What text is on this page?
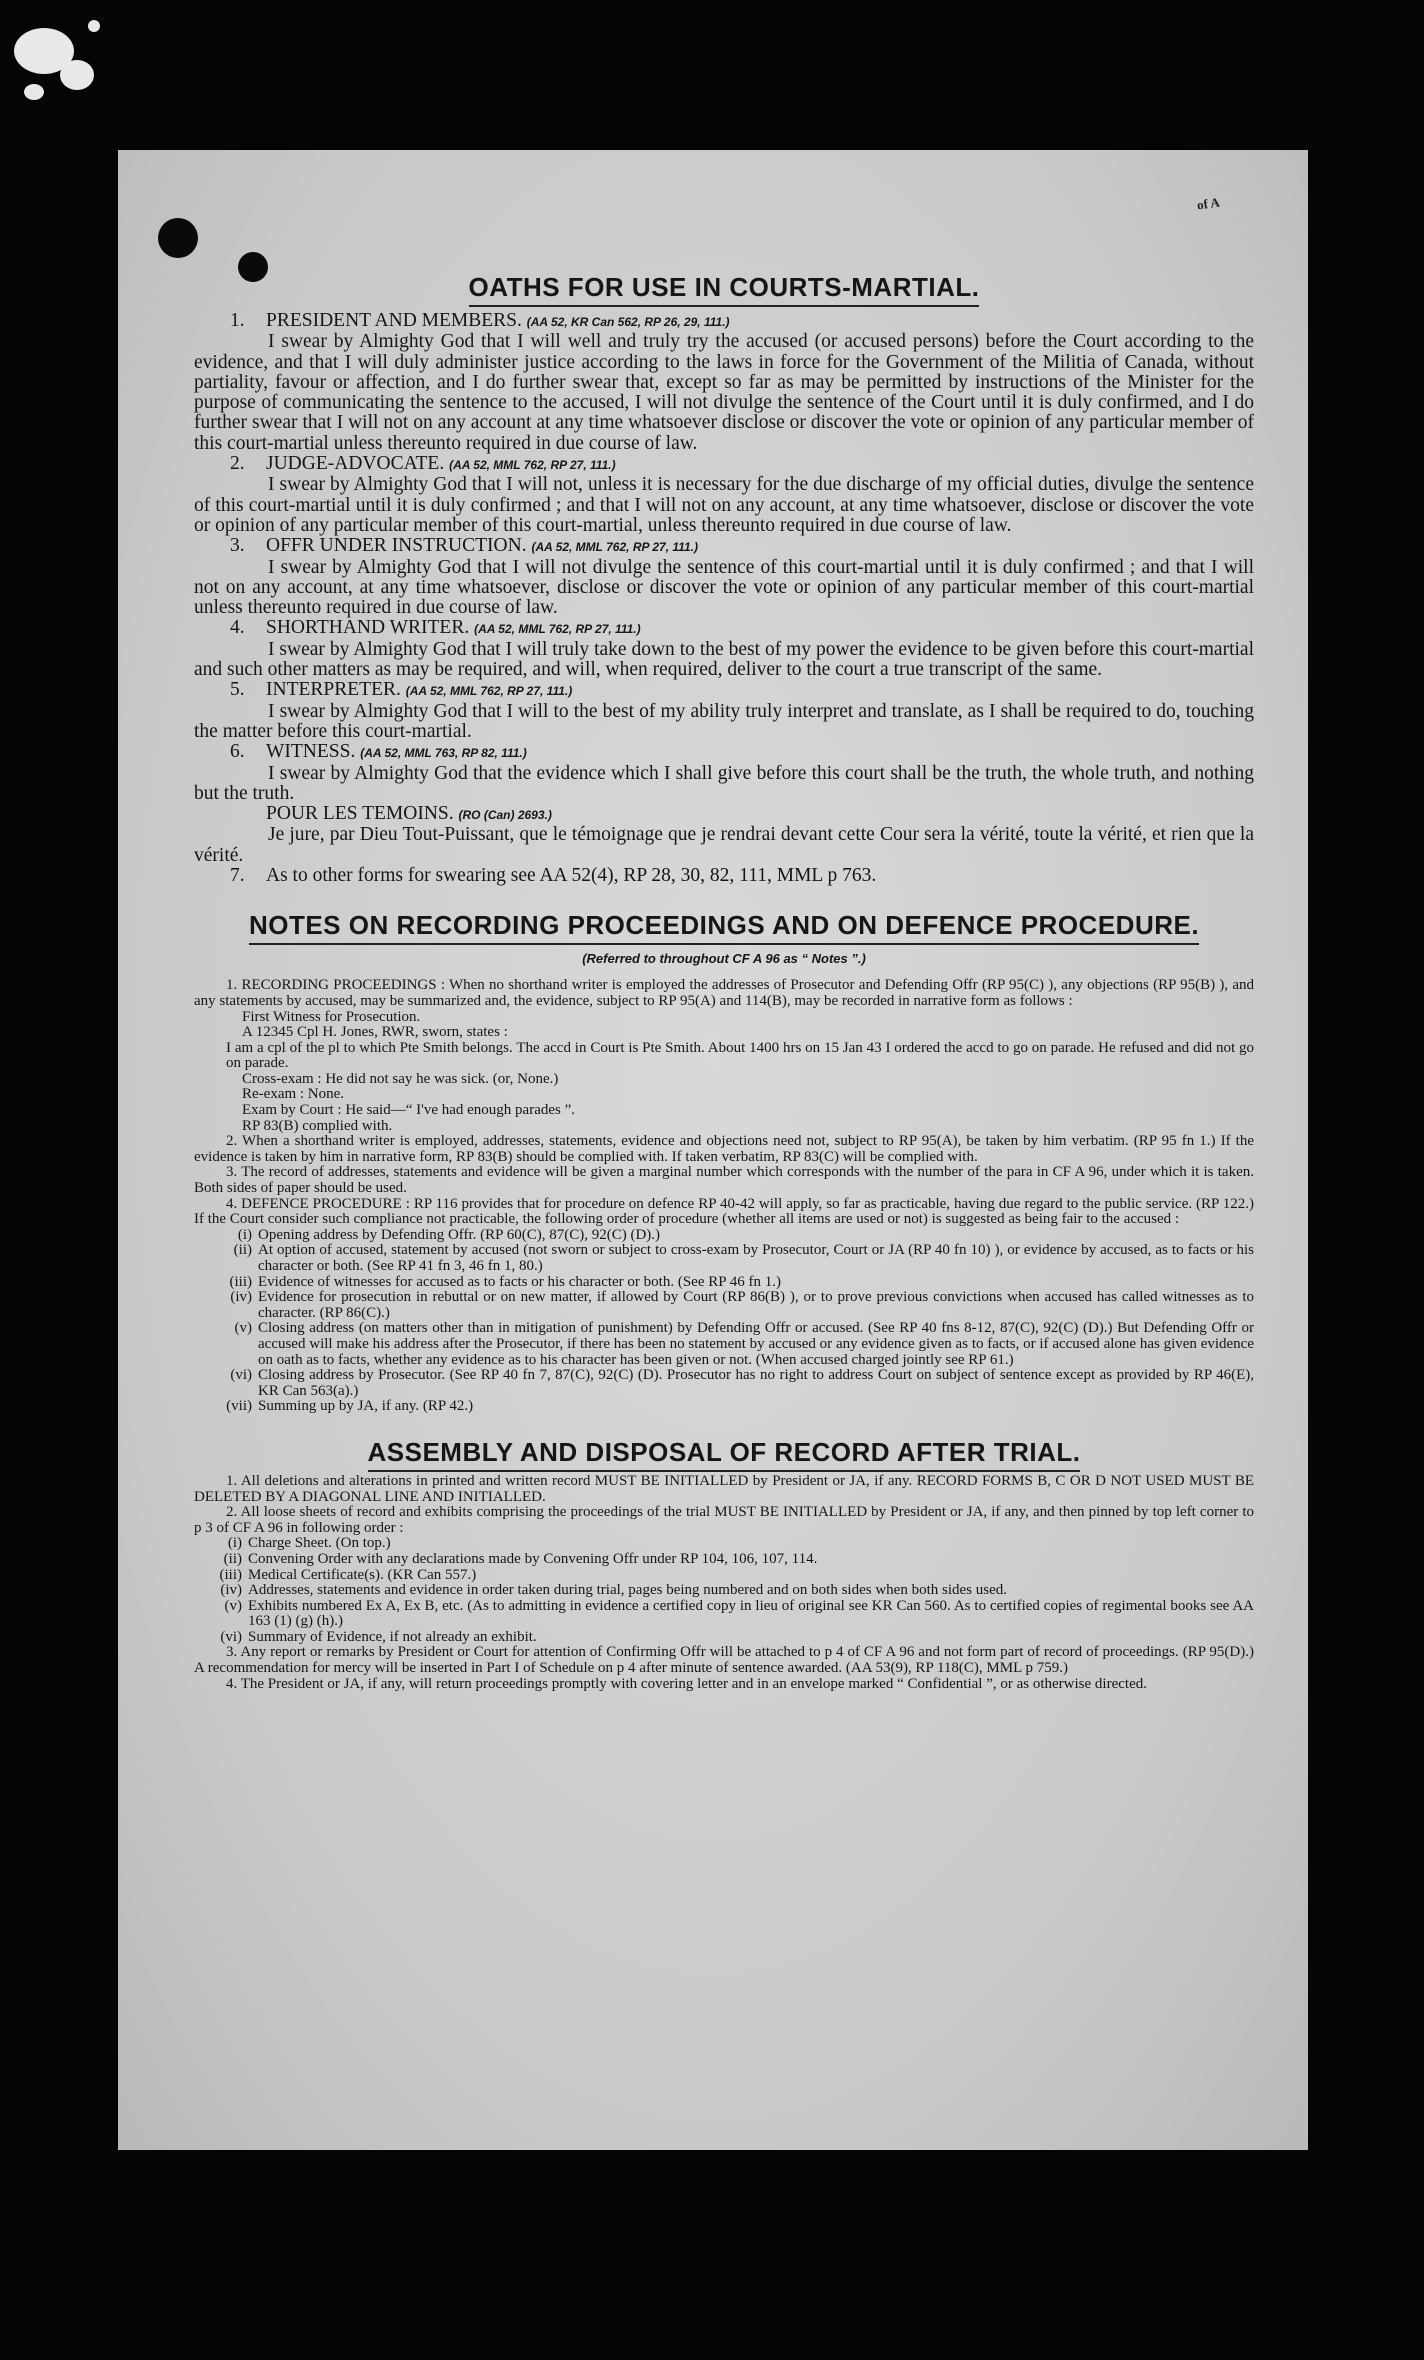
of A
OATHS FOR USE IN COURTS-MARTIAL.
1. PRESIDENT AND MEMBERS. (AA 52, KR Can 562, RP 26, 29, 111.)
I swear by Almighty God that I will well and truly try the accused (or accused persons) before the Court according to the evidence, and that I will duly administer justice according to the laws in force for the Government of the Militia of Canada, without partiality, favour or affection, and I do further swear that, except so far as may be permitted by instructions of the Minister for the purpose of communicating the sentence to the accused, I will not divulge the sentence of the Court until it is duly confirmed, and I do further swear that I will not on any account at any time whatsoever disclose or discover the vote or opinion of any particular member of this court-martial unless thereunto required in due course of law.
2. JUDGE-ADVOCATE. (AA 52, MML 762, RP 27, 111.)
I swear by Almighty God that I will not, unless it is necessary for the due discharge of my official duties, divulge the sentence of this court-martial until it is duly confirmed ; and that I will not on any account, at any time whatsoever, disclose or discover the vote or opinion of any particular member of this court-martial, unless thereunto required in due course of law.
3. OFFR UNDER INSTRUCTION. (AA 52, MML 762, RP 27, 111.)
I swear by Almighty God that I will not divulge the sentence of this court-martial until it is duly confirmed ; and that I will not on any account, at any time whatsoever, disclose or discover the vote or opinion of any particular member of this court-martial unless thereunto required in due course of law.
4. SHORTHAND WRITER. (AA 52, MML 762, RP 27, 111.)
I swear by Almighty God that I will truly take down to the best of my power the evidence to be given before this court-martial and such other matters as may be required, and will, when required, deliver to the court a true transcript of the same.
5. INTERPRETER. (AA 52, MML 762, RP 27, 111.)
I swear by Almighty God that I will to the best of my ability truly interpret and translate, as I shall be required to do, touching the matter before this court-martial.
6. WITNESS. (AA 52, MML 763, RP 82, 111.)
I swear by Almighty God that the evidence which I shall give before this court shall be the truth, the whole truth, and nothing but the truth.
POUR LES TEMOINS. (RO (Can) 2693.)
Je jure, par Dieu Tout-Puissant, que le témoignage que je rendrai devant cette Cour sera la vérité, toute la vérité, et rien que la vérité.
7. As to other forms for swearing see AA 52(4), RP 28, 30, 82, 111, MML p 763.
NOTES ON RECORDING PROCEEDINGS AND ON DEFENCE PROCEDURE.
(Referred to throughout CF A 96 as “ Notes ”.)
1. RECORDING PROCEEDINGS : When no shorthand writer is employed the addresses of Prosecutor and Defending Offr (RP 95(C) ), any objections (RP 95(B) ), and any statements by accused, may be summarized and, the evidence, subject to RP 95(A) and 114(B), may be recorded in narrative form as follows :
First Witness for Prosecution.
A 12345 Cpl H. Jones, RWR, sworn, states :
I am a cpl of the pl to which Pte Smith belongs. The accd in Court is Pte Smith. About 1400 hrs on 15 Jan 43 I ordered the accd to go on parade. He refused and did not go on parade.
Cross-exam : He did not say he was sick. (or, None.)
Re-exam : None.
Exam by Court : He said—“ I've had enough parades ”.
RP 83(B) complied with.
2. When a shorthand writer is employed, addresses, statements, evidence and objections need not, subject to RP 95(A), be taken by him verbatim. (RP 95 fn 1.) If the evidence is taken by him in narrative form, RP 83(B) should be complied with. If taken verbatim, RP 83(C) will be complied with.
3. The record of addresses, statements and evidence will be given a marginal number which corresponds with the number of the para in CF A 96, under which it is taken. Both sides of paper should be used.
4. DEFENCE PROCEDURE : RP 116 provides that for procedure on defence RP 40-42 will apply, so far as practicable, having due regard to the public service. (RP 122.) If the Court consider such compliance not practicable, the following order of procedure (whether all items are used or not) is suggested as being fair to the accused :
(i) Opening address by Defending Offr. (RP 60(C), 87(C), 92(C) (D).)
(ii) At option of accused, statement by accused (not sworn or subject to cross-exam by Prosecutor, Court or JA (RP 40 fn 10) ), or evidence by accused, as to facts or his character or both. (See RP 41 fn 3, 46 fn 1, 80.)
(iii) Evidence of witnesses for accused as to facts or his character or both. (See RP 46 fn 1.)
(iv) Evidence for prosecution in rebuttal or on new matter, if allowed by Court (RP 86(B) ), or to prove previous convictions when accused has called witnesses as to character. (RP 86(C).)
(v) Closing address (on matters other than in mitigation of punishment) by Defending Offr or accused. (See RP 40 fns 8-12, 87(C), 92(C) (D).) But Defending Offr or accused will make his address after the Prosecutor, if there has been no statement by accused or any evidence given as to facts, or if accused alone has given evidence on oath as to facts, whether any evidence as to his character has been given or not. (When accused charged jointly see RP 61.)
(vi) Closing address by Prosecutor. (See RP 40 fn 7, 87(C), 92(C) (D). Prosecutor has no right to address Court on subject of sentence except as provided by RP 46(E), KR Can 563(a).)
(vii) Summing up by JA, if any. (RP 42.)
ASSEMBLY AND DISPOSAL OF RECORD AFTER TRIAL.
1. All deletions and alterations in printed and written record MUST BE INITIALLED by President or JA, if any. RECORD FORMS B, C OR D NOT USED MUST BE DELETED BY A DIAGONAL LINE AND INITIALLED.
2. All loose sheets of record and exhibits comprising the proceedings of the trial MUST BE INITIALLED by President or JA, if any, and then pinned by top left corner to p 3 of CF A 96 in following order :
(i) Charge Sheet. (On top.)
(ii) Convening Order with any declarations made by Convening Offr under RP 104, 106, 107, 114.
(iii) Medical Certificate(s). (KR Can 557.)
(iv) Addresses, statements and evidence in order taken during trial, pages being numbered and on both sides when both sides used.
(v) Exhibits numbered Ex A, Ex B, etc. (As to admitting in evidence a certified copy in lieu of original see KR Can 560. As to certified copies of regimental books see AA 163 (1) (g) (h).)
(vi) Summary of Evidence, if not already an exhibit.
3. Any report or remarks by President or Court for attention of Confirming Offr will be attached to p 4 of CF A 96 and not form part of record of proceedings. (RP 95(D).) A recommendation for mercy will be inserted in Part I of Schedule on p 4 after minute of sentence awarded. (AA 53(9), RP 118(C), MML p 759.)
4. The President or JA, if any, will return proceedings promptly with covering letter and in an envelope marked “ Confidential ”, or as otherwise directed.
